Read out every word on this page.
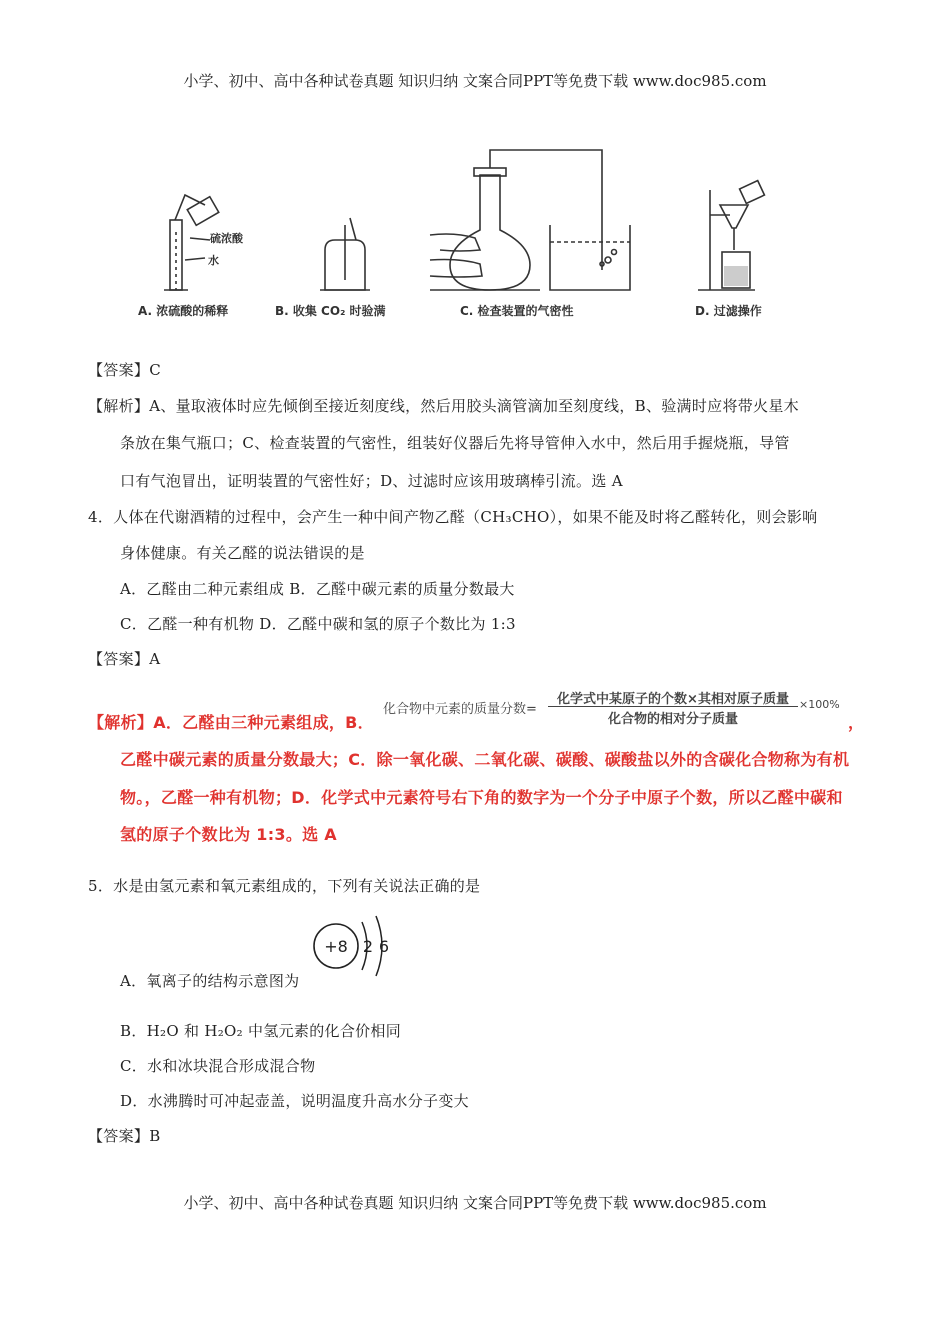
小学、初中、高中各种试卷真题 知识归纳 文案合同PPT等免费下载 www.doc985.com
硫浓酸
水
A. 浓硫酸的稀释	B. 收集 CO₂ 时验满	C. 检查装置的气密性	D. 过滤操作
【答案】C
【解析】A、量取液体时应先倾倒至接近刻度线，然后用胶头滴管滴加至刻度线，B、验满时应将带火星木
条放在集气瓶口；C、检查装置的气密性，组装好仪器后先将导管伸入水中，然后用手握烧瓶，导管
口有气泡冒出，证明装置的气密性好；D、过滤时应该用玻璃棒引流。选 A
4．人体在代谢酒精的过程中，会产生一种中间产物乙醛（CH₃CHO），如果不能及时将乙醛转化，则会影响
身体健康。有关乙醛的说法错误的是
A．乙醛由二种元素组成 B．乙醛中碳元素的质量分数最大
C．乙醛一种有机物 D．乙醛中碳和氢的原子个数比为 1:3
【答案】A
【解析】A．乙醛由三种元素组成，B．
化合物中元素的质量分数=
化学式中某原子的个数×其相对原子质量
化合物的相对分子质量
×100%
，
乙醛中碳元素的质量分数最大；C．除一氧化碳、二氧化碳、碳酸、碳酸盐以外的含碳化合物称为有机
物。，乙醛一种有机物；D．化学式中元素符号右下角的数字为一个分子中原子个数，所以乙醛中碳和
氢的原子个数比为 1:3。选 A
5．水是由氢元素和氧元素组成的，下列有关说法正确的是
+8 2 6
A．氧离子的结构示意图为
B．H₂O 和 H₂O₂ 中氢元素的化合价相同
C．水和冰块混合形成混合物
D．水沸腾时可冲起壶盖，说明温度升高水分子变大
【答案】B
小学、初中、高中各种试卷真题 知识归纳 文案合同PPT等免费下载 www.doc985.com
